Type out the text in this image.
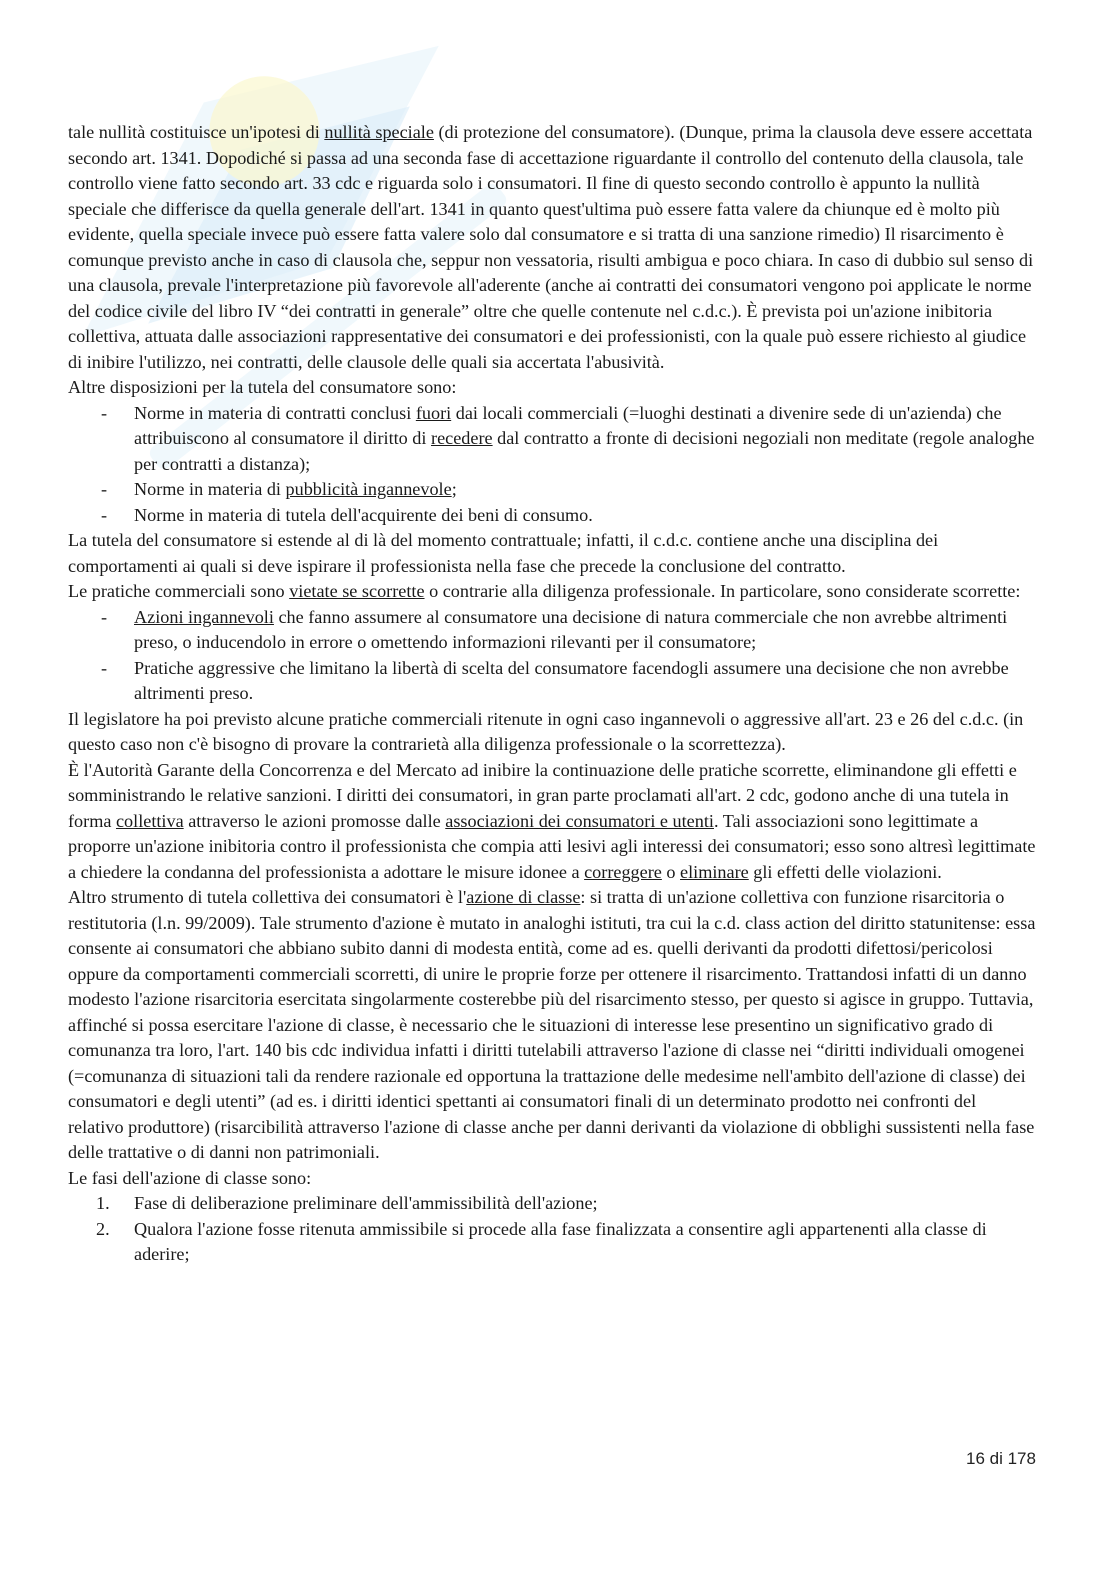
tale nullità costituisce un'ipotesi di nullità speciale (di protezione del consumatore). (Dunque, prima la clausola deve essere accettata secondo art. 1341. Dopodiché si passa ad una seconda fase di accettazione riguardante il controllo del contenuto della clausola, tale controllo viene fatto secondo art. 33 cdc e riguarda solo i consumatori. Il fine di questo secondo controllo è appunto la nullità speciale che differisce da quella generale dell'art. 1341 in quanto quest'ultima può essere fatta valere da chiunque ed è molto più evidente, quella speciale invece può essere fatta valere solo dal consumatore e si tratta di una sanzione rimedio) Il risarcimento è comunque previsto anche in caso di clausola che, seppur non vessatoria, risulti ambigua e poco chiara. In caso di dubbio sul senso di una clausola, prevale l'interpretazione più favorevole all'aderente (anche ai contratti dei consumatori vengono poi applicate le norme del codice civile del libro IV “dei contratti in generale” oltre che quelle contenute nel c.d.c.). È prevista poi un'azione inibitoria collettiva, attuata dalle associazioni rappresentative dei consumatori e dei professionisti, con la quale può essere richiesto al giudice di inibire l'utilizzo, nei contratti, delle clausole delle quali sia accertata l'abusività.

Altre disposizioni per la tutela del consumatore sono:

- Norme in materia di contratti conclusi fuori dai locali commerciali (=luoghi destinati a divenire sede di un'azienda) che attribuiscono al consumatore il diritto di recedere dal contratto a fronte di decisioni negoziali non meditate (regole analoghe per contratti a distanza);
- Norme in materia di pubblicità ingannevole;
- Norme in materia di tutela dell'acquirente dei beni di consumo.

La tutela del consumatore si estende al di là del momento contrattuale; infatti, il c.d.c. contiene anche una disciplina dei comportamenti ai quali si deve ispirare il professionista nella fase che precede la conclusione del contratto.

Le pratiche commerciali sono vietate se scorrette o contrarie alla diligenza professionale. In particolare, sono considerate scorrette:

- Azioni ingannevoli che fanno assumere al consumatore una decisione di natura commerciale che non avrebbe altrimenti preso, o inducendolo in errore o omettendo informazioni rilevanti per il consumatore;
- Pratiche aggressive che limitano la libertà di scelta del consumatore facendogli assumere una decisione che non avrebbe altrimenti preso.

Il legislatore ha poi previsto alcune pratiche commerciali ritenute in ogni caso ingannevoli o aggressive all'art. 23 e 26 del c.d.c. (in questo caso non c'è bisogno di provare la contrarietà alla diligenza professionale o la scorrettezza).

È l'Autorità Garante della Concorrenza e del Mercato ad inibire la continuazione delle pratiche scorrette, eliminandone gli effetti e somministrando le relative sanzioni. I diritti dei consumatori, in gran parte proclamati all'art. 2 cdc, godono anche di una tutela in forma collettiva attraverso le azioni promosse dalle associazioni dei consumatori e utenti. Tali associazioni sono legittimate a proporre un'azione inibitoria contro il professionista che compia atti lesivi agli interessi dei consumatori; esso sono altresì legittimate a chiedere la condanna del professionista a adottare le misure idonee a correggere o eliminare gli effetti delle violazioni.

Altro strumento di tutela collettiva dei consumatori è l'azione di classe: si tratta di un'azione collettiva con funzione risarcitoria o restitutoria (l.n. 99/2009). Tale strumento d'azione è mutato in analoghi istituti, tra cui la c.d. class action del diritto statunitense: essa consente ai consumatori che abbiano subito danni di modesta entità, come ad es. quelli derivanti da prodotti difettosi/pericolosi oppure da comportamenti commerciali scorretti, di unire le proprie forze per ottenere il risarcimento. Trattandosi infatti di un danno modesto l'azione risarcitoria esercitata singolarmente costerebbe più del risarcimento stesso, per questo si agisce in gruppo. Tuttavia, affinché si possa esercitare l'azione di classe, è necessario che le situazioni di interesse lese presentino un significativo grado di comunanza tra loro, l'art. 140 bis cdc individua infatti i diritti tutelabili attraverso l'azione di classe nei “diritti individuali omogenei (=comunanza di situazioni tali da rendere razionale ed opportuna la trattazione delle medesime nell'ambito dell'azione di classe) dei consumatori e degli utenti” (ad es. i diritti identici spettanti ai consumatori finali di un determinato prodotto nei confronti del relativo produttore) (risarcibilità attraverso l'azione di classe anche per danni derivanti da violazione di obblighi sussistenti nella fase delle trattative o di danni non patrimoniali.

Le fasi dell'azione di classe sono:

1. Fase di deliberazione preliminare dell'ammissibilità dell'azione;
2. Qualora l'azione fosse ritenuta ammissibile si procede alla fase finalizzata a consentire agli appartenenti alla classe di aderire;
16 di 178
